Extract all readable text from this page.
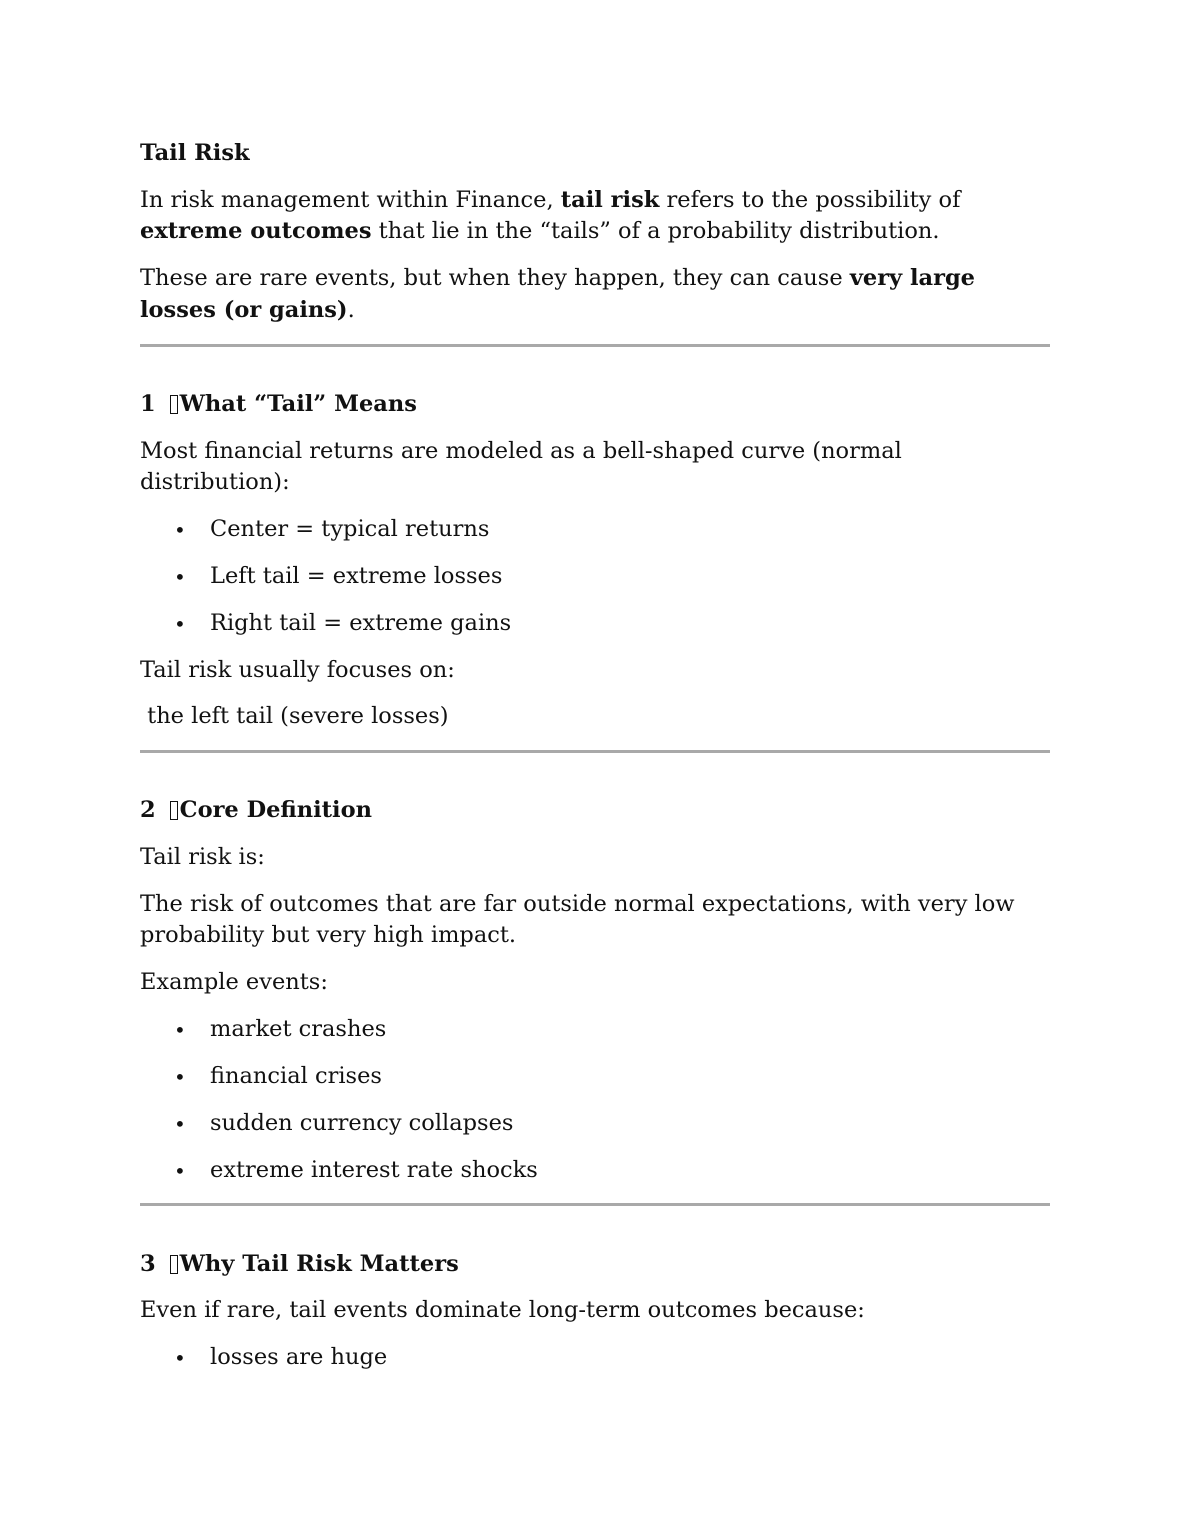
Tail Risk

In risk management within Finance, tail risk refers to the possibility of

extreme outcomes that lie in the “tails” of a probability distribution.

These are rare events, but when they happen, they can cause very large

losses (or gains).

1 What “Tail” Means

Most financial returns are modeled as a bell-shaped curve (normal

distribution):

• Center = typical returns

• Left tail = extreme losses

• Right tail = extreme gains

Tail risk usually focuses on:

the left tail (severe losses)

2 Core Definition

Tail risk is:

The risk of outcomes that are far outside normal expectations, with very low

probability but very high impact.

Example events:

• market crashes

• financial crises

• sudden currency collapses

• extreme interest rate shocks

3 Why Tail Risk Matters

Even if rare, tail events dominate long-term outcomes because:

• losses are huge
